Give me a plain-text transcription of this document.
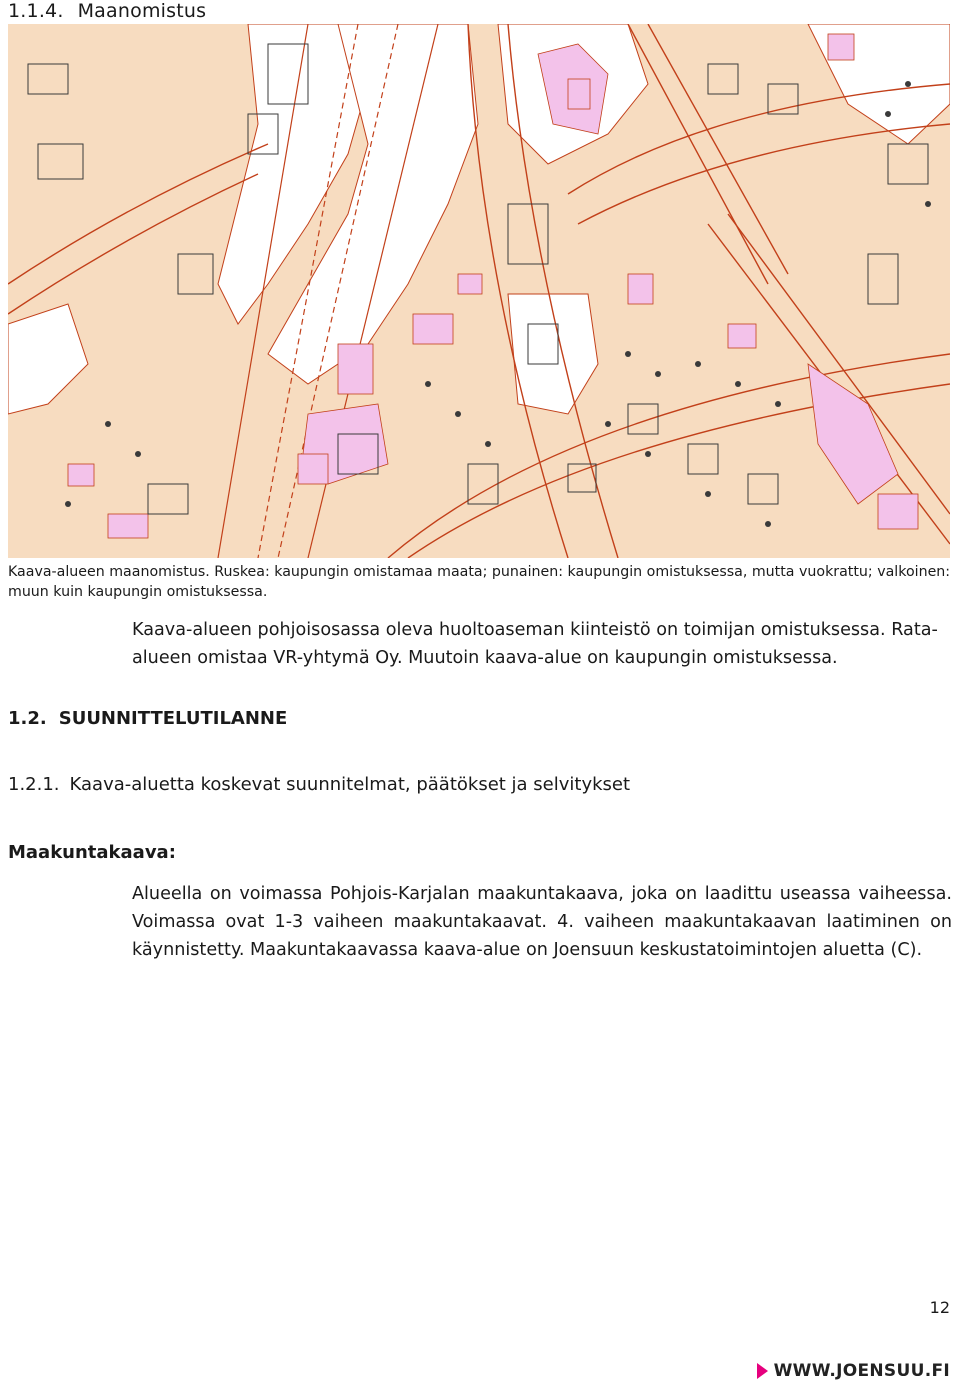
1.1.4. Maanomistus
Kaava-alueen maanomistus. Ruskea: kaupungin omistamaa maata; punainen: kaupungin omistuksessa, mutta vuokrattu; valkoinen: muun kuin kaupungin omistuksessa.
Kaava-alueen pohjoisosassa oleva huoltoaseman kiinteistö on toimijan omistuksessa. Rata-alueen omistaa VR-yhtymä Oy. Muutoin kaava-alue on kaupungin omistuksessa.
1.2. SUUNNITTELUTILANNE
1.2.1. Kaava-aluetta koskevat suunnitelmat, päätökset ja selvitykset
Maakuntakaava:
Alueella on voimassa Pohjois-Karjalan maakuntakaava, joka on laadittu useassa vaiheessa. Voimassa ovat 1-3 vaiheen maakuntakaavat. 4. vaiheen maakuntakaavan laatiminen on käynnistetty. Maakuntakaavassa kaava-alue on Joensuun keskustatoimintojen aluetta (C).
12
WWW.JOENSUU.FI
